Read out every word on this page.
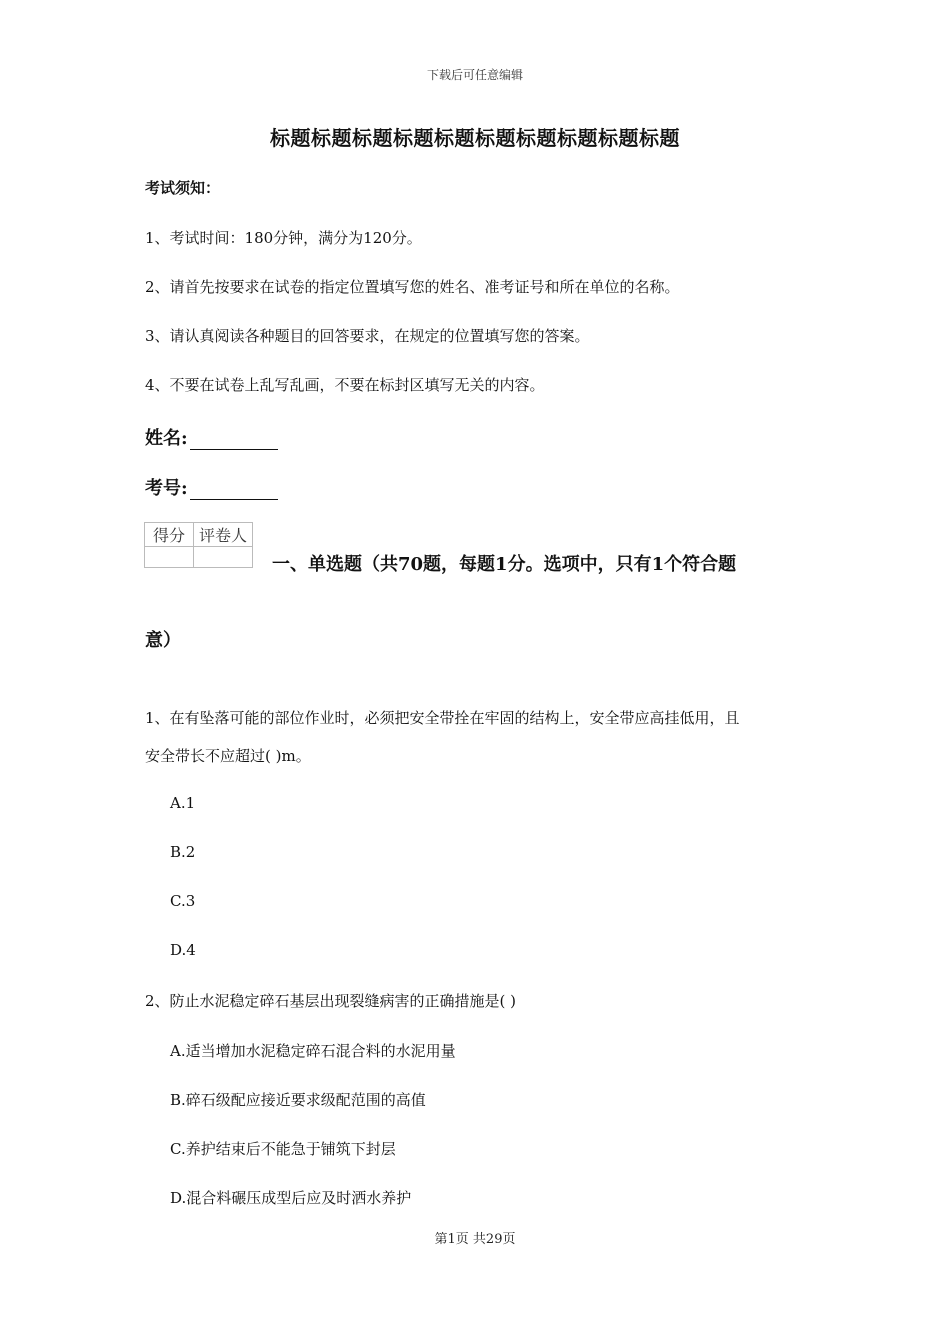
下载后可任意编辑
标题标题标题标题标题标题标题标题标题标题
考试须知：
1、考试时间：180分钟，满分为120分。
2、请首先按要求在试卷的指定位置填写您的姓名、准考证号和所在单位的名称。
3、请认真阅读各种题目的回答要求，在规定的位置填写您的答案。
4、不要在试卷上乱写乱画，不要在标封区填写无关的内容。
姓名:
考号:
得分	评卷人

一、单选题（共70题，每题1分。选项中，只有1个符合题
意）
1、在有坠落可能的部位作业时，必须把安全带拴在牢固的结构上，安全带应高挂低用，且
安全带长不应超过( )m。
A.1
B.2
C.3
D.4
2、防止水泥稳定碎石基层出现裂缝病害的正确措施是( )
A.适当增加水泥稳定碎石混合料的水泥用量
B.碎石级配应接近要求级配范围的高值
C.养护结束后不能急于铺筑下封层
D.混合料碾压成型后应及时洒水养护
第1页 共29页
